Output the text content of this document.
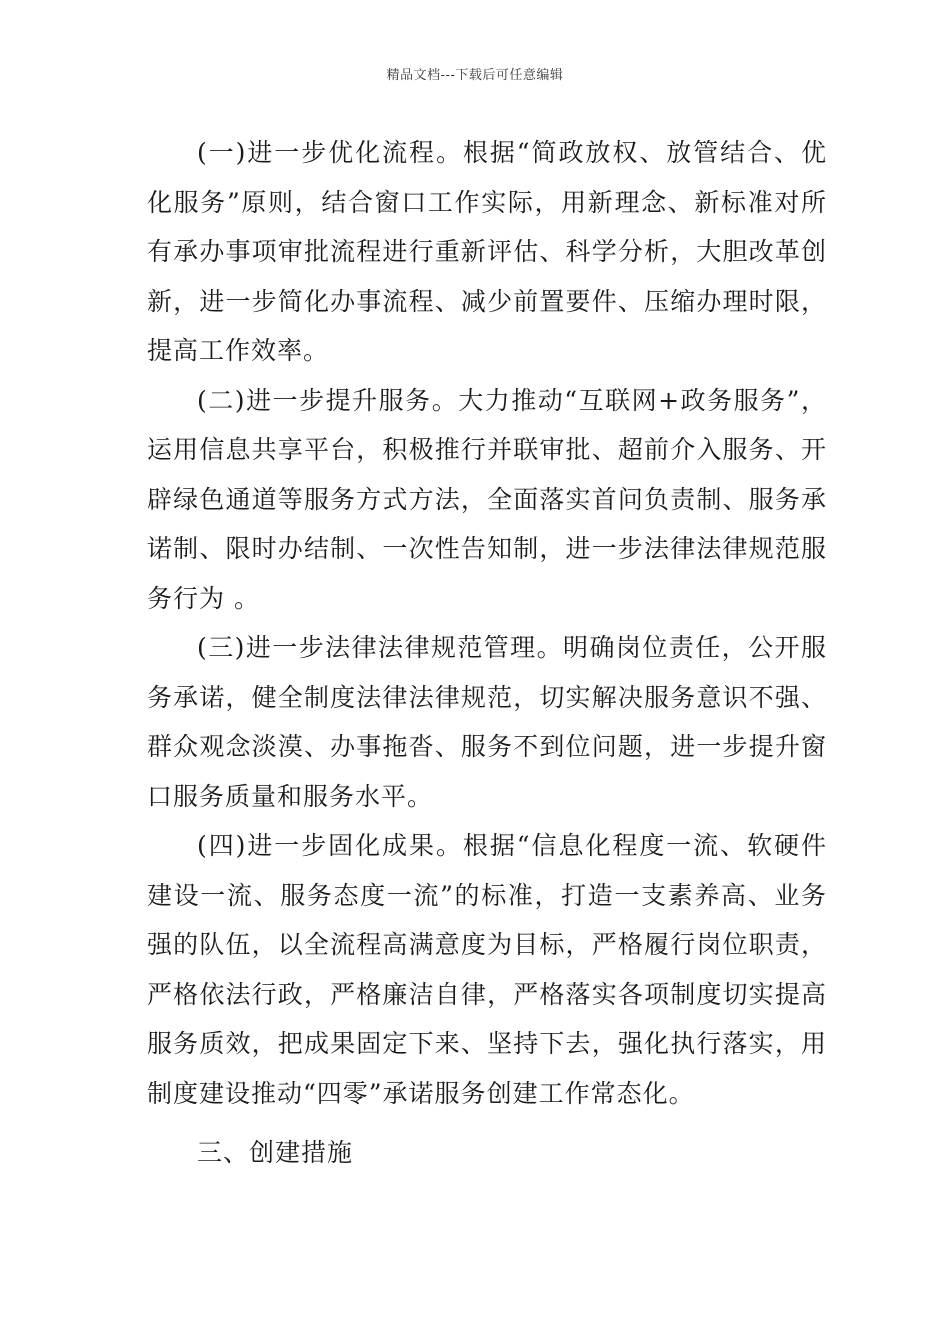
精品文档---下载后可任意编辑

(一)进一步优化流程。根据“简政放权、放管结合、优化服务”原则，结合窗口工作实际，用新理念、新标准对所有承办事项审批流程进行重新评估、科学分析，大胆改革创新，进一步简化办事流程、减少前置要件、压缩办理时限，提高工作效率。

(二)进一步提升服务。大力推动“互联网+政务服务”，运用信息共享平台，积极推行并联审批、超前介入服务、开辟绿色通道等服务方式方法，全面落实首问负责制、服务承诺制、限时办结制、一次性告知制，进一步法律法律规范服务行为 。

(三)进一步法律法律规范管理。明确岗位责任，公开服务承诺，健全制度法律法律规范，切实解决服务意识不强、群众观念淡漠、办事拖沓、服务不到位问题，进一步提升窗口服务质量和服务水平。

(四)进一步固化成果。根据“信息化程度一流、软硬件建设一流、服务态度一流”的标准，打造一支素养高、业务强的队伍，以全流程高满意度为目标，严格履行岗位职责，严格依法行政，严格廉洁自律，严格落实各项制度切实提高服务质效，把成果固定下来、坚持下去，强化执行落实，用制度建设推动“四零”承诺服务创建工作常态化。

三、创建措施
